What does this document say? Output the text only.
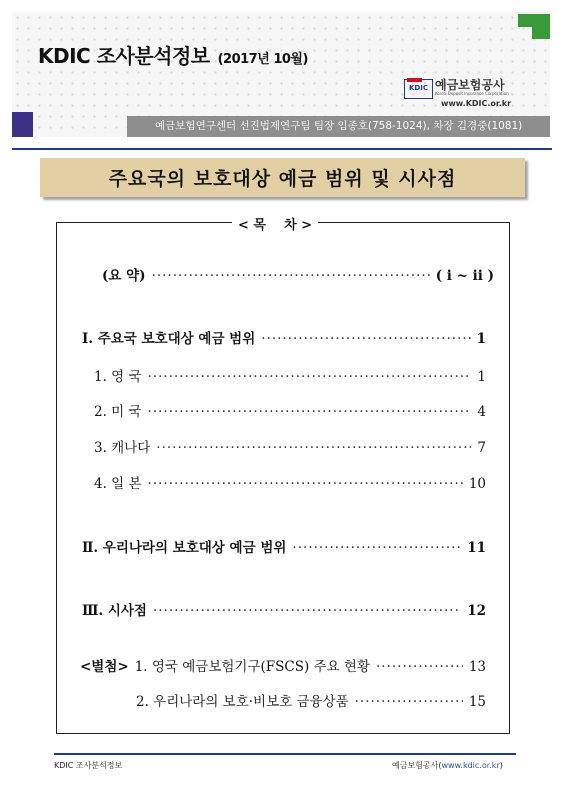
KDIC 조사분석정보 (2017년 10월)
KDIC 예금보험공사
Korea Deposit Insurance Corporation
www.KDIC.or.kr
예금보험연구센터 선진법제연구팀 팀장 임종호(758-1024), 차장 김경중(1081)
주요국의 보호대상 예금 범위 및 시사점
< 목    차 >
(요 약) ·····	( i ~ ii )
Ⅰ. 주요국 보호대상 예금 범위 ·····	1
1. 영 국 ·····	1
2. 미 국 ·····	4
3. 캐나다 ·····	7
4. 일 본 ·····	10
Ⅱ. 우리나라의 보호대상 예금 범위 ·····	11
Ⅲ. 시사점 ·····	12
<별첨> 1. 영국 예금보험기구(FSCS) 주요 현황 ·····	13
2. 우리나라의 보호·비보호 금융상품 ·····	15
KDIC 조사분석정보	예금보험공사(www.kdic.or.kr)
